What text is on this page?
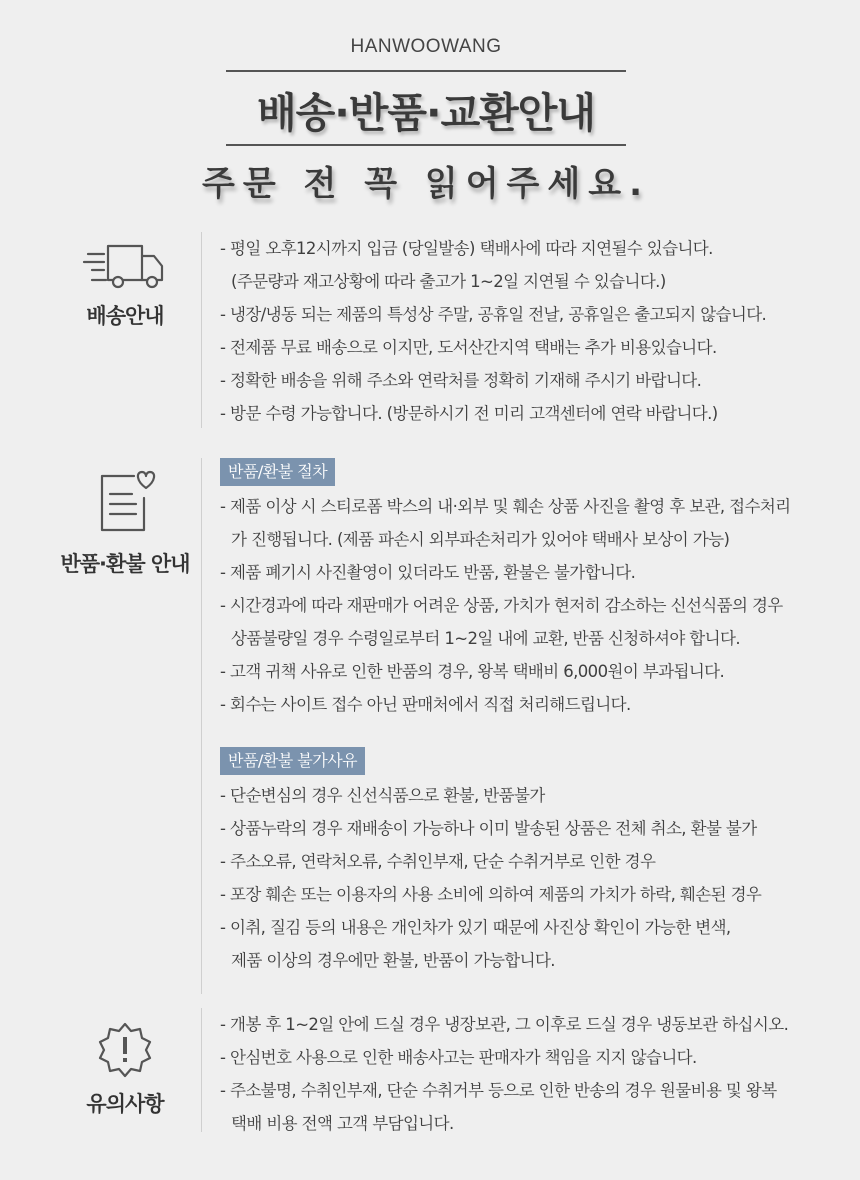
HANWOOWANG
배송·반품·교환안내
주문 전 꼭 읽어주세요.
배송안내
- 평일 오후12시까지 입금 (당일발송) 택배사에 따라 지연될수 있습니다.
(주문량과 재고상황에 따라 출고가 1~2일 지연될 수 있습니다.)
- 냉장/냉동 되는 제품의 특성상 주말, 공휴일 전날, 공휴일은 출고되지 않습니다.
- 전제품 무료 배송으로 이지만, 도서산간지역 택배는 추가 비용있습니다.
- 정확한 배송을 위해 주소와 연락처를 정확히 기재해 주시기 바랍니다.
- 방문 수령 가능합니다. (방문하시기 전 미리 고객센터에 연락 바랍니다.)
반품·환불 안내
반품/환불 절차
- 제품 이상 시 스티로폼 박스의 내·외부 및 훼손 상품 사진을 촬영 후 보관, 접수처리
가 진행됩니다. (제품 파손시 외부파손처리가 있어야 택배사 보상이 가능)
- 제품 폐기시 사진촬영이 있더라도 반품, 환불은 불가합니다.
- 시간경과에 따라 재판매가 어려운 상품, 가치가 현저히 감소하는 신선식품의 경우
상품불량일 경우 수령일로부터 1~2일 내에 교환, 반품 신청하셔야 합니다.
- 고객 귀책 사유로 인한 반품의 경우, 왕복 택배비 6,000원이 부과됩니다.
- 회수는 사이트 접수 아닌 판매처에서 직접 처리해드립니다.
반품/환불 불가사유
- 단순변심의 경우 신선식품으로 환불, 반품불가
- 상품누락의 경우 재배송이 가능하나 이미 발송된 상품은 전체 취소, 환불 불가
- 주소오류, 연락처오류, 수취인부재, 단순 수취거부로 인한 경우
- 포장 훼손 또는 이용자의 사용 소비에 의하여 제품의 가치가 하락, 훼손된 경우
- 이취, 질김 등의 내용은 개인차가 있기 때문에 사진상 확인이 가능한 변색,
제품 이상의 경우에만 환불, 반품이 가능합니다.
유의사항
- 개봉 후 1~2일 안에 드실 경우 냉장보관, 그 이후로 드실 경우 냉동보관 하십시오.
- 안심번호 사용으로 인한 배송사고는 판매자가 책임을 지지 않습니다.
- 주소불명, 수취인부재, 단순 수취거부 등으로 인한 반송의 경우 원물비용 및 왕복
택배 비용 전액 고객 부담입니다.
